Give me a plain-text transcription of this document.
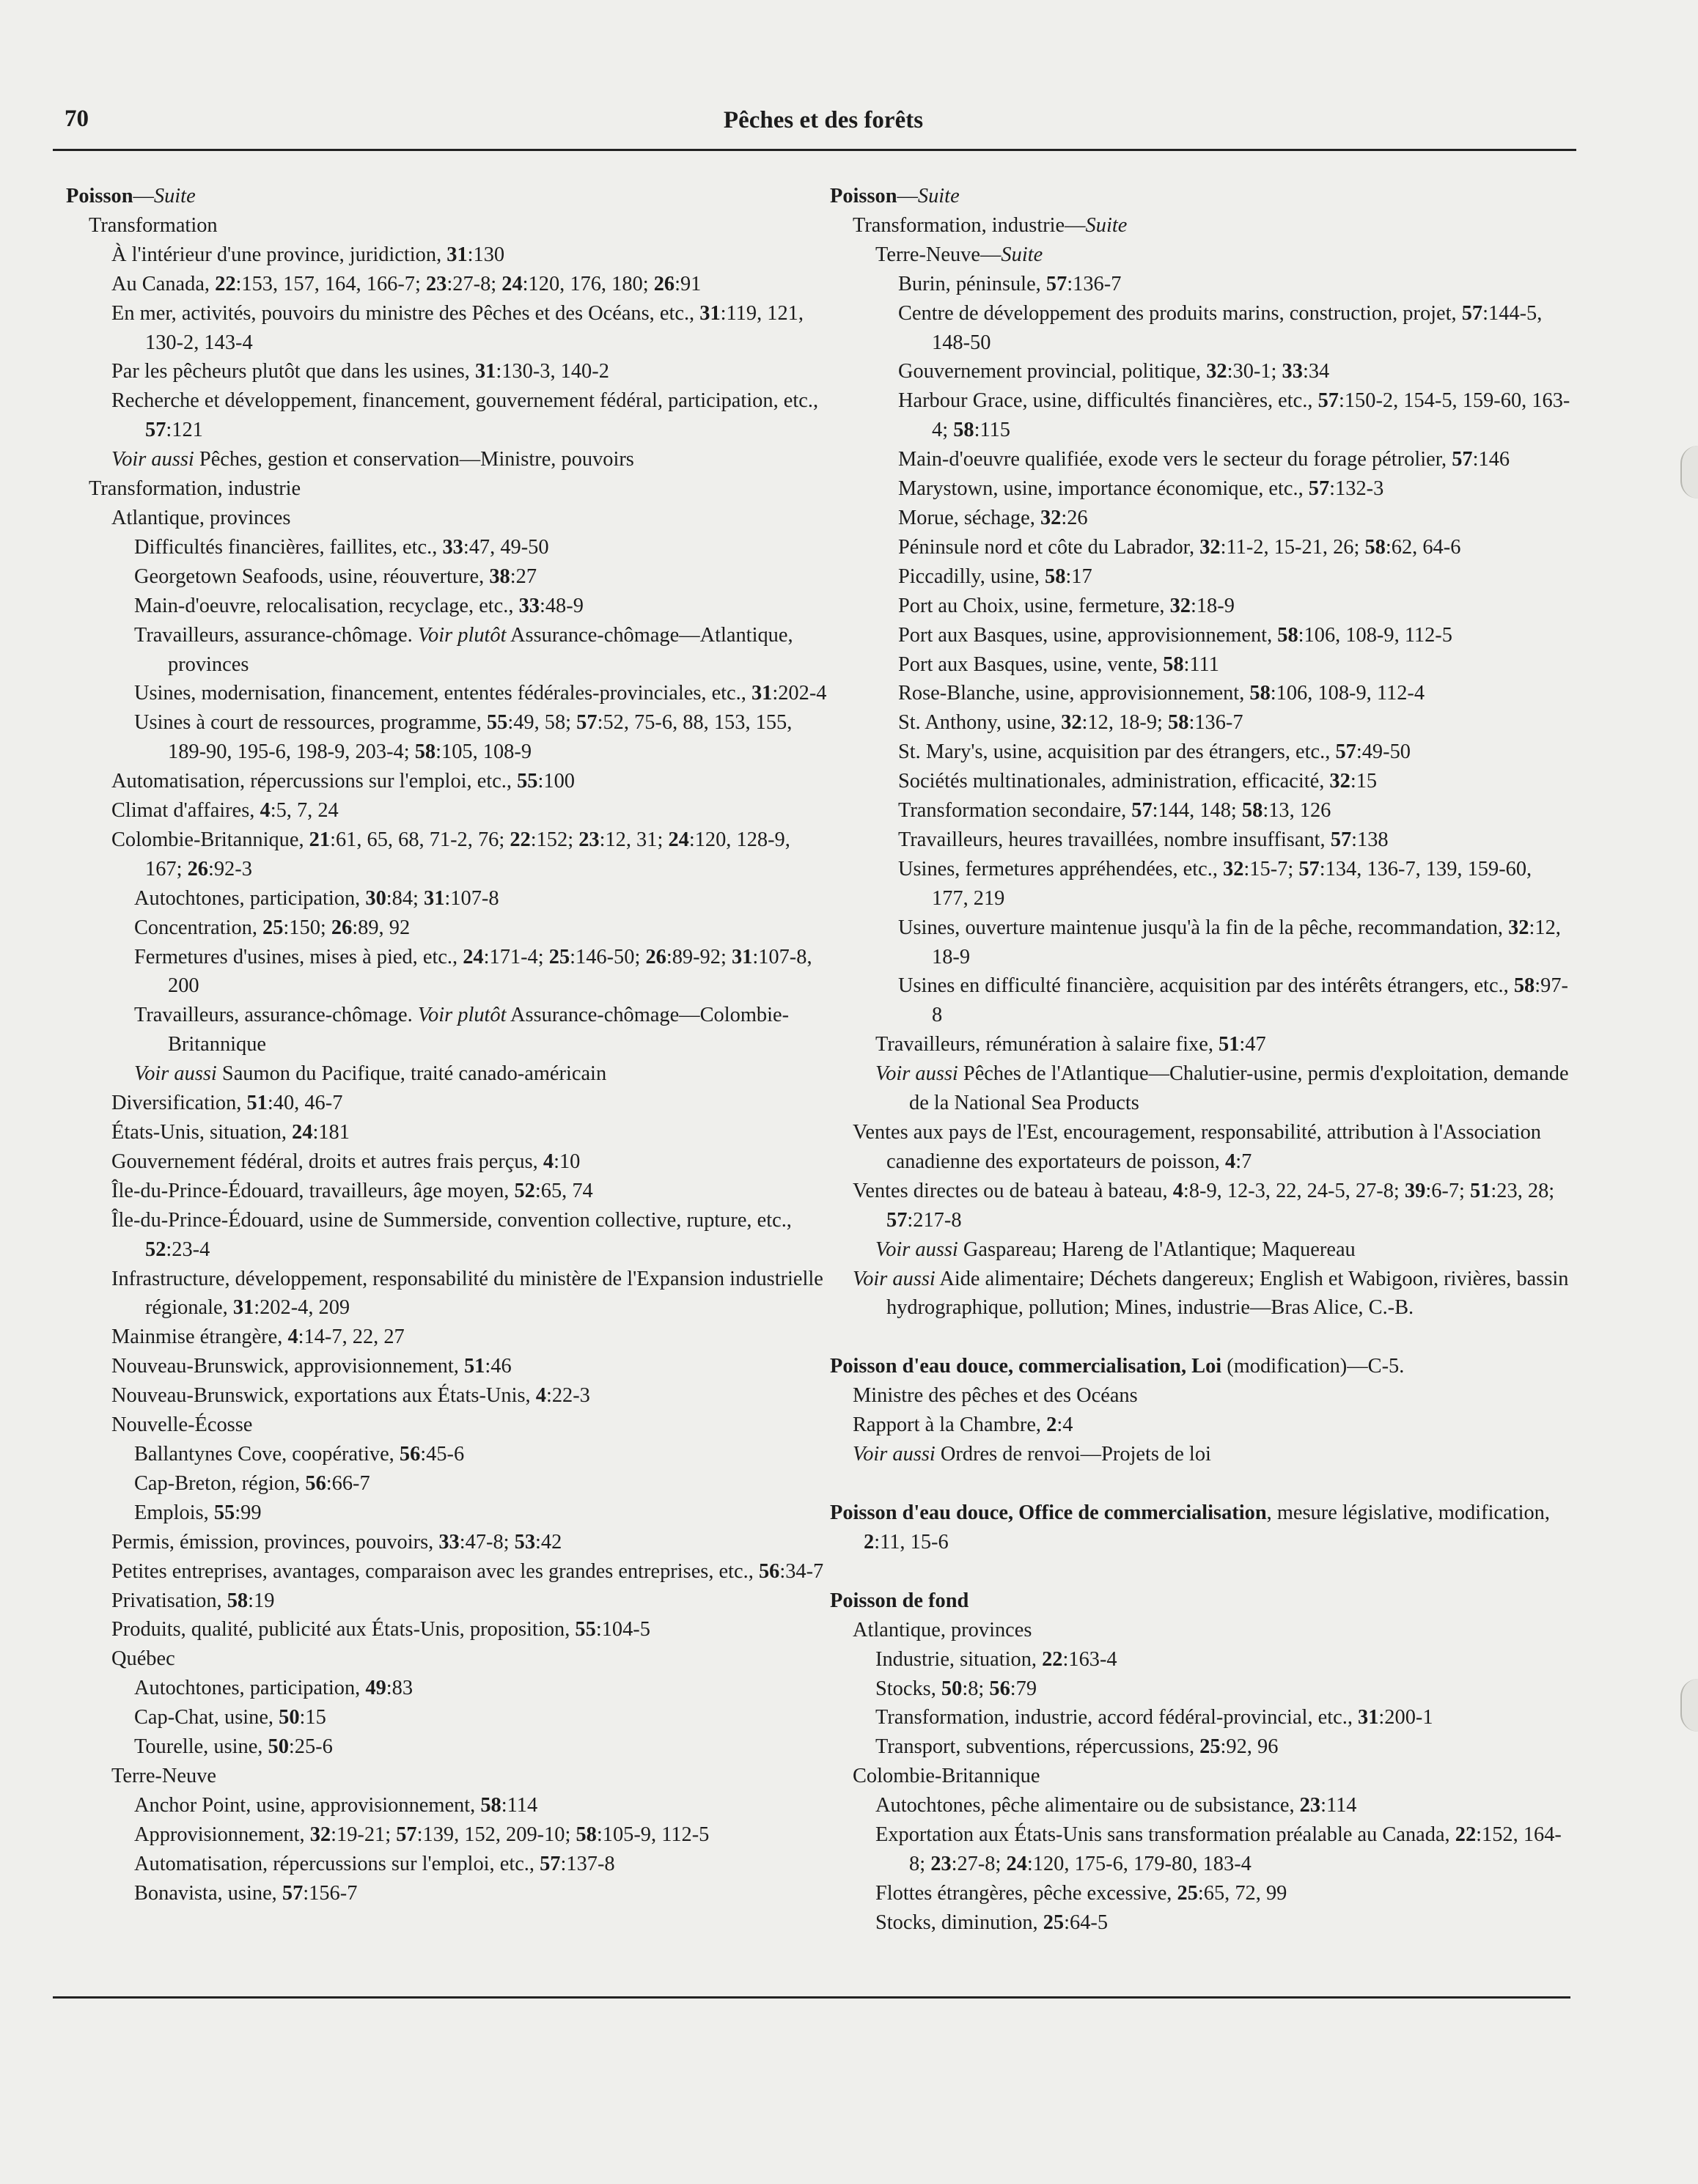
70	Pêches et des forêts
Poisson—Suite
Transformation
À l'intérieur d'une province, juridiction, 31:130
Au Canada, 22:153, 157, 164, 166-7; 23:27-8; 24:120, 176, 180; 26:91
En mer, activités, pouvoirs du ministre des Pêches et des Océans, etc., 31:119, 121, 130-2, 143-4
Par les pêcheurs plutôt que dans les usines, 31:130-3, 140-2
Recherche et développement, financement, gouvernement fédéral, participation, etc., 57:121
Voir aussi Pêches, gestion et conservation—Ministre, pouvoirs
Transformation, industrie
Atlantique, provinces
Difficultés financières, faillites, etc., 33:47, 49-50
Georgetown Seafoods, usine, réouverture, 38:27
Main-d'oeuvre, relocalisation, recyclage, etc., 33:48-9
Travailleurs, assurance-chômage. Voir plutôt Assurance-chômage—Atlantique, provinces
Usines, modernisation, financement, ententes fédérales-provinciales, etc., 31:202-4
Usines à court de ressources, programme, 55:49, 58; 57:52, 75-6, 88, 153, 155, 189-90, 195-6, 198-9, 203-4; 58:105, 108-9
Automatisation, répercussions sur l'emploi, etc., 55:100
Climat d'affaires, 4:5, 7, 24
Colombie-Britannique, 21:61, 65, 68, 71-2, 76; 22:152; 23:12, 31; 24:120, 128-9, 167; 26:92-3
Autochtones, participation, 30:84; 31:107-8
Concentration, 25:150; 26:89, 92
Fermetures d'usines, mises à pied, etc., 24:171-4; 25:146-50; 26:89-92; 31:107-8, 200
Travailleurs, assurance-chômage. Voir plutôt Assurance-chômage—Colombie-Britannique
Voir aussi Saumon du Pacifique, traité canado-américain
Diversification, 51:40, 46-7
États-Unis, situation, 24:181
Gouvernement fédéral, droits et autres frais perçus, 4:10
Île-du-Prince-Édouard, travailleurs, âge moyen, 52:65, 74
Île-du-Prince-Édouard, usine de Summerside, convention collective, rupture, etc., 52:23-4
Infrastructure, développement, responsabilité du ministère de l'Expansion industrielle régionale, 31:202-4, 209
Mainmise étrangère, 4:14-7, 22, 27
Nouveau-Brunswick, approvisionnement, 51:46
Nouveau-Brunswick, exportations aux États-Unis, 4:22-3
Nouvelle-Écosse
Ballantynes Cove, coopérative, 56:45-6
Cap-Breton, région, 56:66-7
Emplois, 55:99
Permis, émission, provinces, pouvoirs, 33:47-8; 53:42
Petites entreprises, avantages, comparaison avec les grandes entreprises, etc., 56:34-7
Privatisation, 58:19
Produits, qualité, publicité aux États-Unis, proposition, 55:104-5
Québec
Autochtones, participation, 49:83
Cap-Chat, usine, 50:15
Tourelle, usine, 50:25-6
Terre-Neuve
Anchor Point, usine, approvisionnement, 58:114
Approvisionnement, 32:19-21; 57:139, 152, 209-10; 58:105-9, 112-5
Automatisation, répercussions sur l'emploi, etc., 57:137-8
Bonavista, usine, 57:156-7
Poisson—Suite
Transformation, industrie—Suite
Terre-Neuve—Suite
Burin, péninsule, 57:136-7
Centre de développement des produits marins, construction, projet, 57:144-5, 148-50
Gouvernement provincial, politique, 32:30-1; 33:34
Harbour Grace, usine, difficultés financières, etc., 57:150-2, 154-5, 159-60, 163-4; 58:115
Main-d'oeuvre qualifiée, exode vers le secteur du forage pétrolier, 57:146
Marystown, usine, importance économique, etc., 57:132-3
Morue, séchage, 32:26
Péninsule nord et côte du Labrador, 32:11-2, 15-21, 26; 58:62, 64-6
Piccadilly, usine, 58:17
Port au Choix, usine, fermeture, 32:18-9
Port aux Basques, usine, approvisionnement, 58:106, 108-9, 112-5
Port aux Basques, usine, vente, 58:111
Rose-Blanche, usine, approvisionnement, 58:106, 108-9, 112-4
St. Anthony, usine, 32:12, 18-9; 58:136-7
St. Mary's, usine, acquisition par des étrangers, etc., 57:49-50
Sociétés multinationales, administration, efficacité, 32:15
Transformation secondaire, 57:144, 148; 58:13, 126
Travailleurs, heures travaillées, nombre insuffisant, 57:138
Usines, fermetures appréhendées, etc., 32:15-7; 57:134, 136-7, 139, 159-60, 177, 219
Usines, ouverture maintenue jusqu'à la fin de la pêche, recommandation, 32:12, 18-9
Usines en difficulté financière, acquisition par des intérêts étrangers, etc., 58:97-8
Travailleurs, rémunération à salaire fixe, 51:47
Voir aussi Pêches de l'Atlantique—Chalutier-usine, permis d'exploitation, demande de la National Sea Products
Ventes aux pays de l'Est, encouragement, responsabilité, attribution à l'Association canadienne des exportateurs de poisson, 4:7
Ventes directes ou de bateau à bateau, 4:8-9, 12-3, 22, 24-5, 27-8; 39:6-7; 51:23, 28; 57:217-8
Voir aussi Gaspareau; Hareng de l'Atlantique; Maquereau
Voir aussi Aide alimentaire; Déchets dangereux; English et Wabigoon, rivières, bassin hydrographique, pollution; Mines, industrie—Bras Alice, C.-B.
Poisson d'eau douce, commercialisation, Loi (modification)—C-5.
Ministre des pêches et des Océans
Rapport à la Chambre, 2:4
Voir aussi Ordres de renvoi—Projets de loi
Poisson d'eau douce, Office de commercialisation, mesure législative, modification, 2:11, 15-6
Poisson de fond
Atlantique, provinces
Industrie, situation, 22:163-4
Stocks, 50:8; 56:79
Transformation, industrie, accord fédéral-provincial, etc., 31:200-1
Transport, subventions, répercussions, 25:92, 96
Colombie-Britannique
Autochtones, pêche alimentaire ou de subsistance, 23:114
Exportation aux États-Unis sans transformation préalable au Canada, 22:152, 164-8; 23:27-8; 24:120, 175-6, 179-80, 183-4
Flottes étrangères, pêche excessive, 25:65, 72, 99
Stocks, diminution, 25:64-5
